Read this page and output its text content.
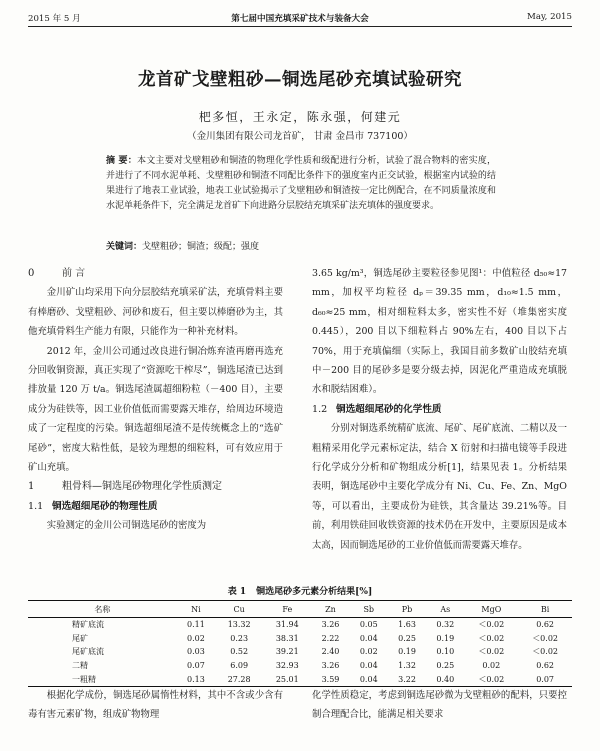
2015 年 5 月	第七届中国充填采矿技术与装备大会	May, 2015
龙首矿戈壁粗砂—铜选尾砂充填试验研究
杷多恒，王永定，陈永强，何建元
（金川集团有限公司龙首矿， 甘肃 金昌市 737100）

摘 要：本文主要对戈壁粗砂和铜渣的物理化学性质和级配进行分析，试验了混合物料的密实度，并进行了不同水泥单耗、戈壁粗砂和铜渣不同配比条件下的强度室内正交试验，根据室内试验的结果进行了地表工业试验，地表工业试验揭示了戈壁粗砂和铜渣按一定比例配合，在不同质量浓度和水泥单耗条件下，完全满足龙首矿下向进路分层胶结充填采矿法充填体的强度要求。

关键词：戈壁粗砂；铜渣；级配；强度

0	前 言

金川矿山均采用下向分层胶结充填采矿法，充填骨料主要有棒磨砂、戈壁粗砂、河砂和废石，但主要以棒磨砂为主，其他充填骨料生产能力有限，只能作为一种补充材料。

2012 年，金川公司通过改良进行铜冶炼弃渣再磨再选充分回收铜资源，真正实现了“资源吃干榨尽”，铜选尾渣已达到排放量 120 万 t/a。铜选尾渣属超细粉粒（－400 目），主要成分为硅铁等，因工业价值低而需要露天堆存，给周边环境造成了一定程度的污染。铜选超细尾渣不是传统概念上的“选矿尾砂”，密度大粘性低，是较为理想的细粒料，可有效应用于矿山充填。

1	粗骨料—铜选尾砂物理化学性质测定

1.1 铜选超细尾砂的物理性质

实验测定的金川公司铜选尾砂的密度为

3.65 kg/m³，铜选尾砂主要粒径参见图¹：中值粒径 d₅₀≈17 mm，加权平均粒径 dₚ＝39.35 mm，d₁₀≈1.5 mm，d₆₀≈25 mm，相对细粒料太多，密实性不好（堆集密实度 0.445），200 目以下细粒料占 90%左右，400 目以下占 70%，用于充填偏细（实际上，我国目前多数矿山胶结充填中－200 目的尾砂多是要分级去掉，因泥化严重造成充填脱水和脱结困难）。

1.2 铜选超细尾砂的化学性质

分别对铜选系统精矿底流、尾矿、尾矿底流、二精以及一粗精采用化学元素标定法，结合 X 衍射和扫描电镜等手段进行化学成分分析和矿物组成分析[1]，结果见表 1。分析结果表明，铜选尾砂中主要化学成分有 Ni、Cu、Fe、Zn、MgO 等，可以看出，主要成份为硅铁，其含量达 39.21%等。目前，利用铁硅回收铁资源的技术仍在开发中，主要原因是成本太高，因而铜选尾砂的工业价值低而需要露天堆存。

表 1 铜选尾砂多元素分析结果[%]
名称	Ni	Cu	Fe	Zn	Sb	Pb	As	MgO	Bi
精矿底流	0.11	13.32	31.94	3.26	0.05	1.63	0.32	＜0.02	0.62
尾矿	0.02	0.23	38.31	2.22	0.04	0.25	0.19	＜0.02	＜0.02
尾矿底流	0.03	0.52	39.21	2.40	0.02	0.19	0.10	＜0.02	＜0.02
二精	0.07	6.09	32.93	3.26	0.04	1.32	0.25	0.02	0.62
一粗精	0.13	27.28	25.01	3.59	0.04	3.22	0.40	＜0.02	0.07

根据化学成份，铜选尾砂属惰性材料，其中不含或少含有毒有害元素矿物，组成矿物物理

化学性质稳定，考虑到铜选尾砂微为戈壁粗砂的配料，只要控制合理配合比，能满足相关要求
